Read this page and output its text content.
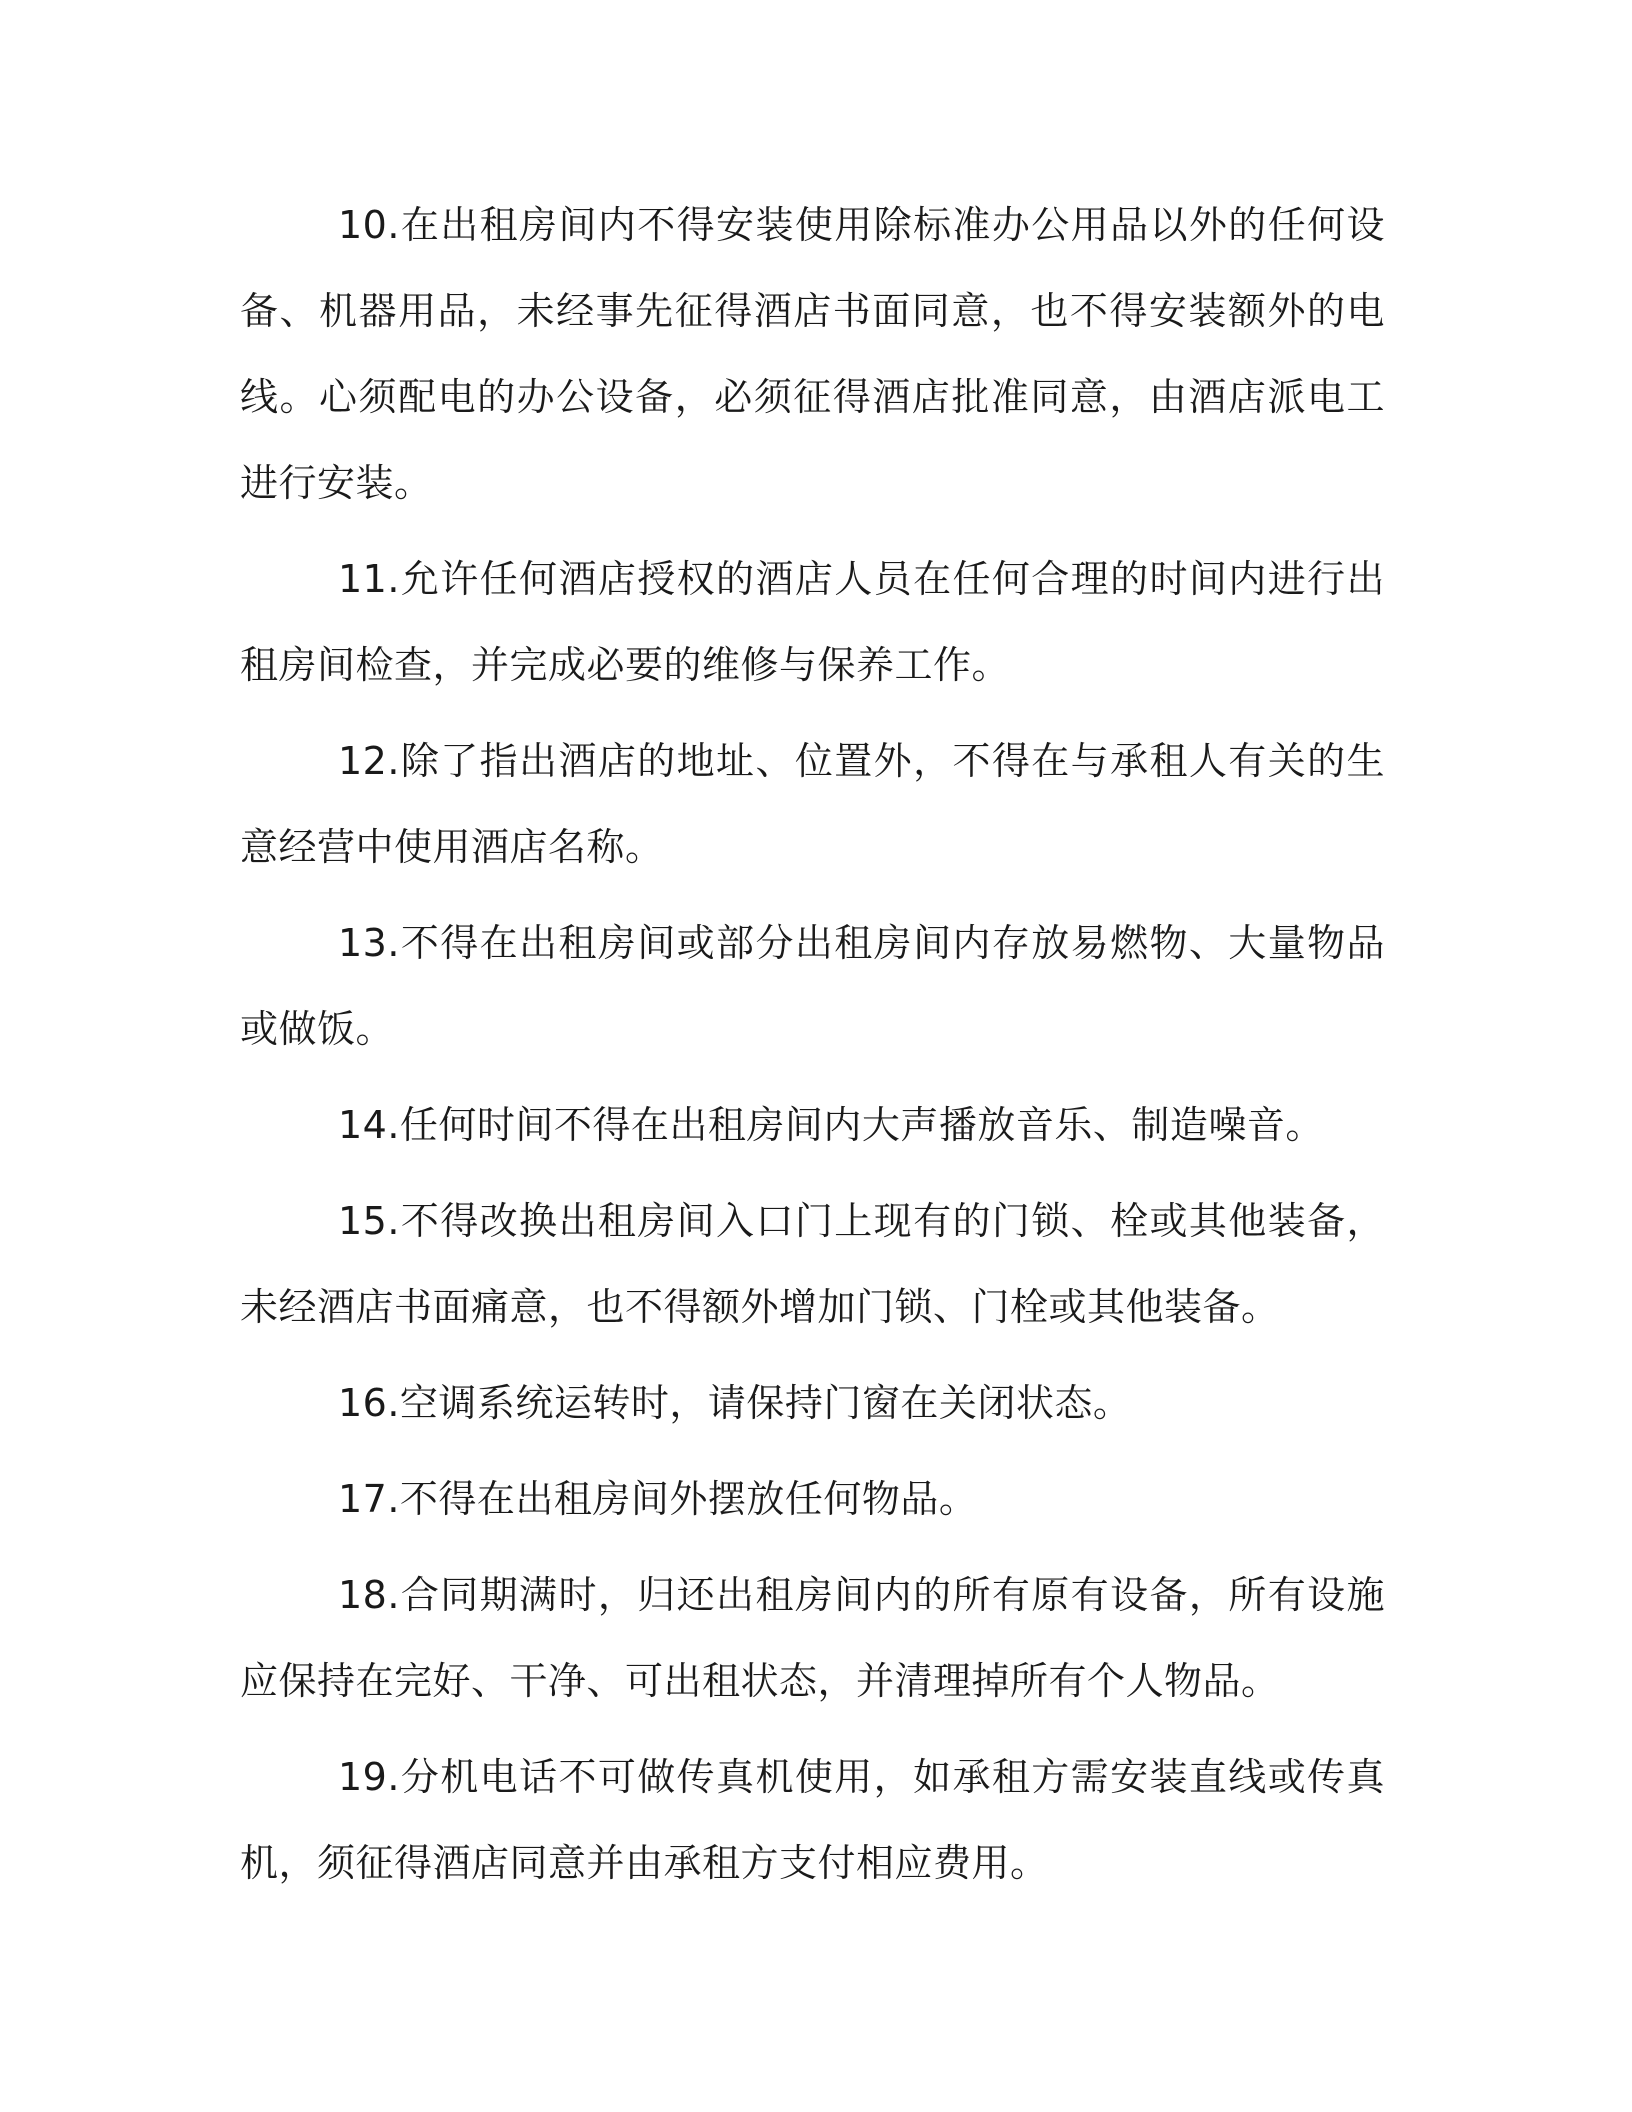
10.在出租房间内不得安装使用除标准办公用品以外的任何设备、机器用品，未经事先征得酒店书面同意，也不得安装额外的电线。心须配电的办公设备，必须征得酒店批准同意，由酒店派电工进行安装。

11.允许任何酒店授权的酒店人员在任何合理的时间内进行出租房间检查，并完成必要的维修与保养工作。

12.除了指出酒店的地址、位置外，不得在与承租人有关的生意经营中使用酒店名称。

13.不得在出租房间或部分出租房间内存放易燃物、大量物品或做饭。

14.任何时间不得在出租房间内大声播放音乐、制造噪音。

15.不得改换出租房间入口门上现有的门锁、栓或其他装备，未经酒店书面痛意，也不得额外增加门锁、门栓或其他装备。

16.空调系统运转时，请保持门窗在关闭状态。

17.不得在出租房间外摆放任何物品。

18.合同期满时，归还出租房间内的所有原有设备，所有设施应保持在完好、干净、可出租状态，并清理掉所有个人物品。

19.分机电话不可做传真机使用，如承租方需安装直线或传真机，须征得酒店同意并由承租方支付相应费用。
